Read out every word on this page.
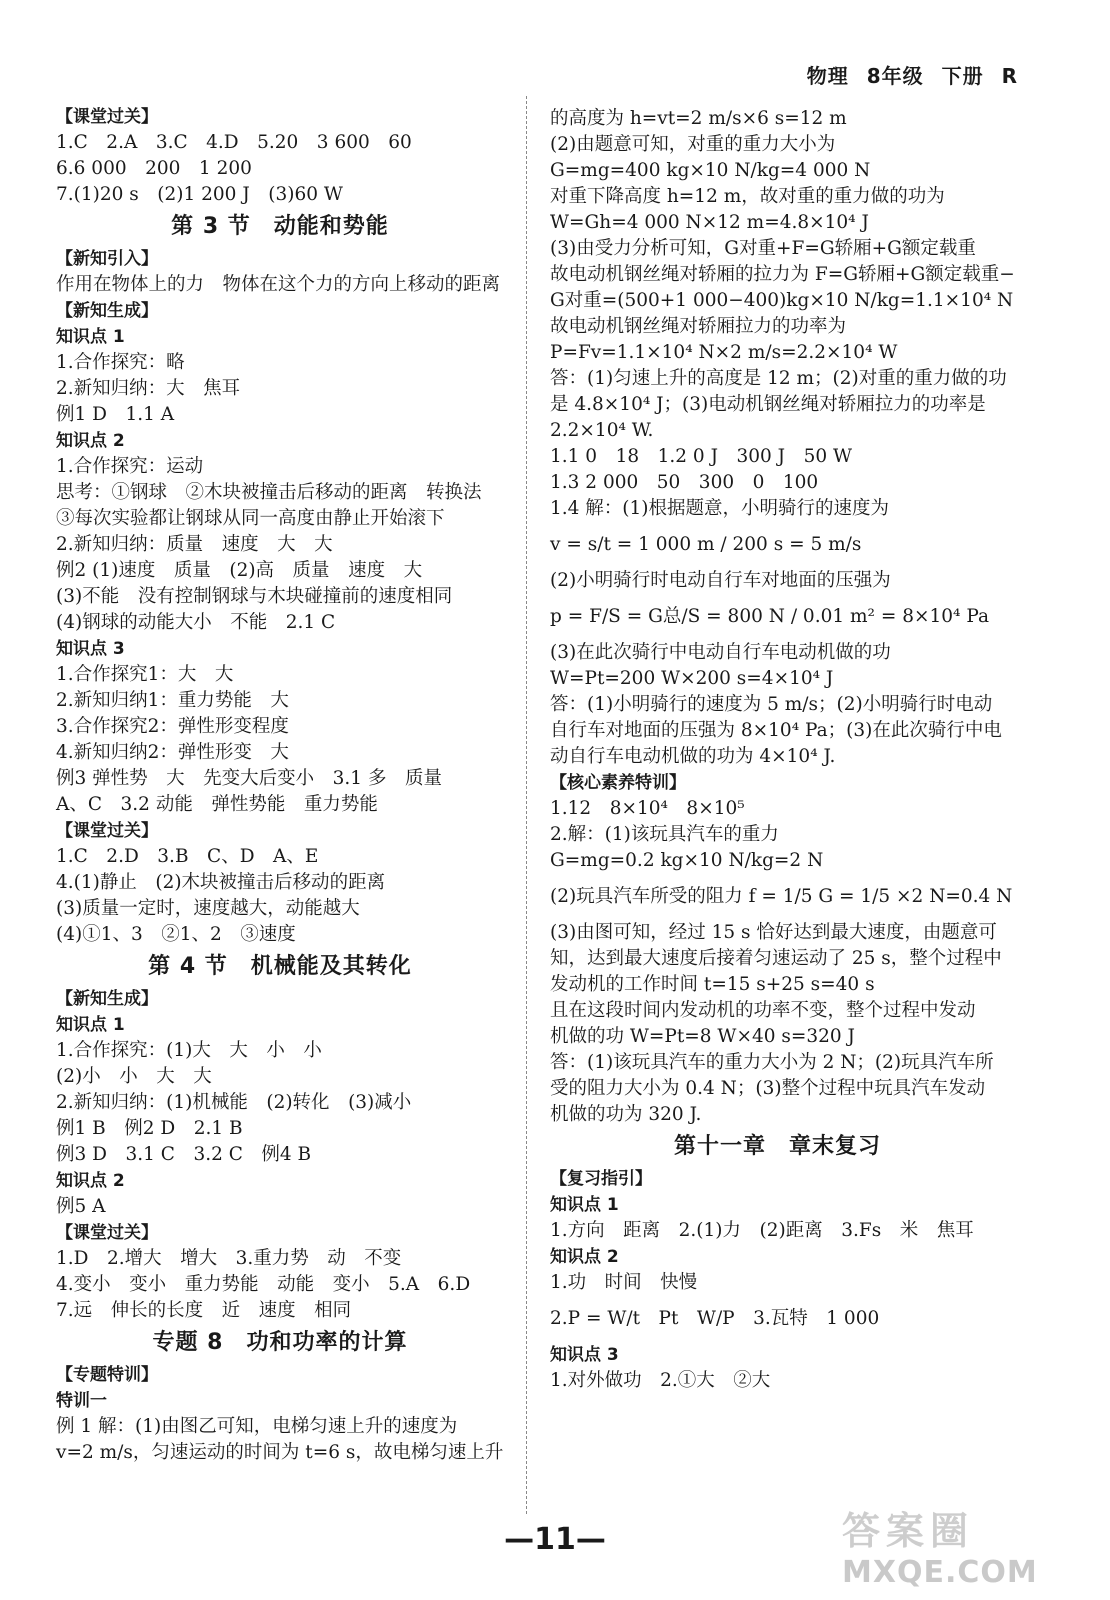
物理 8年级 下册 R
【课堂过关】
1.C　2.A　3.C　4.D　5.20　3 600　60
6.6 000　200　1 200
7.(1)20 s　(2)1 200 J　(3)60 W
第 3 节　动能和势能
【新知引入】
作用在物体上的力　物体在这个力的方向上移动的距离
【新知生成】
知识点 1
1.合作探究：略
2.新知归纳：大　焦耳
例1 D　1.1 A
知识点 2
1.合作探究：运动
思考：①钢球　②木块被撞击后移动的距离　转换法
③每次实验都让钢球从同一高度由静止开始滚下
2.新知归纳：质量　速度　大　大
例2 (1)速度　质量　(2)高　质量　速度　大
(3)不能　没有控制钢球与木块碰撞前的速度相同
(4)钢球的动能大小　不能　2.1 C
知识点 3
1.合作探究1：大　大
2.新知归纳1：重力势能　大
3.合作探究2：弹性形变程度
4.新知归纳2：弹性形变　大
例3 弹性势　大　先变大后变小　3.1 多　质量
A、C　3.2 动能　弹性势能　重力势能
【课堂过关】
1.C　2.D　3.B　C、D　A、E
4.(1)静止　(2)木块被撞击后移动的距离
(3)质量一定时，速度越大，动能越大
(4)①1、3　②1、2　③速度
第 4 节　机械能及其转化
【新知生成】
知识点 1
1.合作探究：(1)大　大　小　小
(2)小　小　大　大
2.新知归纳：(1)机械能　(2)转化　(3)减小
例1 B　例2 D　2.1 B
例3 D　3.1 C　3.2 C　例4 B
知识点 2
例5 A
【课堂过关】
1.D　2.增大　增大　3.重力势　动　不变
4.变小　变小　重力势能　动能　变小　5.A　6.D
7.远　伸长的长度　近　速度　相同
专题 8　功和功率的计算
【专题特训】
特训一
例 1 解：(1)由图乙可知，电梯匀速上升的速度为
v=2 m/s，匀速运动的时间为 t=6 s，故电梯匀速上升
的高度为 h=vt=2 m/s×6 s=12 m
(2)由题意可知，对重的重力大小为
G=mg=400 kg×10 N/kg=4 000 N
对重下降高度 h=12 m，故对重的重力做的功为
W=Gh=4 000 N×12 m=4.8×10⁴ J
(3)由受力分析可知，G对重+F=G轿厢+G额定载重
故电动机钢丝绳对轿厢的拉力为 F=G轿厢+G额定载重−
G对重=(500+1 000−400)kg×10 N/kg=1.1×10⁴ N
故电动机钢丝绳对轿厢拉力的功率为
P=Fv=1.1×10⁴ N×2 m/s=2.2×10⁴ W
答：(1)匀速上升的高度是 12 m；(2)对重的重力做的功
是 4.8×10⁴ J；(3)电动机钢丝绳对轿厢拉力的功率是
2.2×10⁴ W.
1.1 0　18　1.2 0 J　300 J　50 W
1.3 2 000　50　300　0　100
1.4 解：(1)根据题意，小明骑行的速度为
v = s/t = 1 000 m / 200 s = 5 m/s
(2)小明骑行时电动自行车对地面的压强为
p = F/S = G总/S = 800 N / 0.01 m² = 8×10⁴ Pa
(3)在此次骑行中电动自行车电动机做的功
W=Pt=200 W×200 s=4×10⁴ J
答：(1)小明骑行的速度为 5 m/s；(2)小明骑行时电动
自行车对地面的压强为 8×10⁴ Pa；(3)在此次骑行中电
动自行车电动机做的功为 4×10⁴ J.
【核心素养特训】
1.12　8×10⁴　8×10⁵
2.解：(1)该玩具汽车的重力
G=mg=0.2 kg×10 N/kg=2 N
(2)玩具汽车所受的阻力 f = 1/5 G = 1/5 ×2 N=0.4 N
(3)由图可知，经过 15 s 恰好达到最大速度，由题意可
知，达到最大速度后接着匀速运动了 25 s，整个过程中
发动机的工作时间 t=15 s+25 s=40 s
且在这段时间内发动机的功率不变，整个过程中发动
机做的功 W=Pt=8 W×40 s=320 J
答：(1)该玩具汽车的重力大小为 2 N；(2)玩具汽车所
受的阻力大小为 0.4 N；(3)整个过程中玩具汽车发动
机做的功为 320 J.
第十一章　章末复习
【复习指引】
知识点 1
1.方向　距离　2.(1)力　(2)距离　3.Fs　米　焦耳
知识点 2
1.功　时间　快慢
2.P = W/t　Pt　W/P　3.瓦特　1 000
知识点 3
1.对外做功　2.①大　②大
—11—	答案圈
MXQE.COM
